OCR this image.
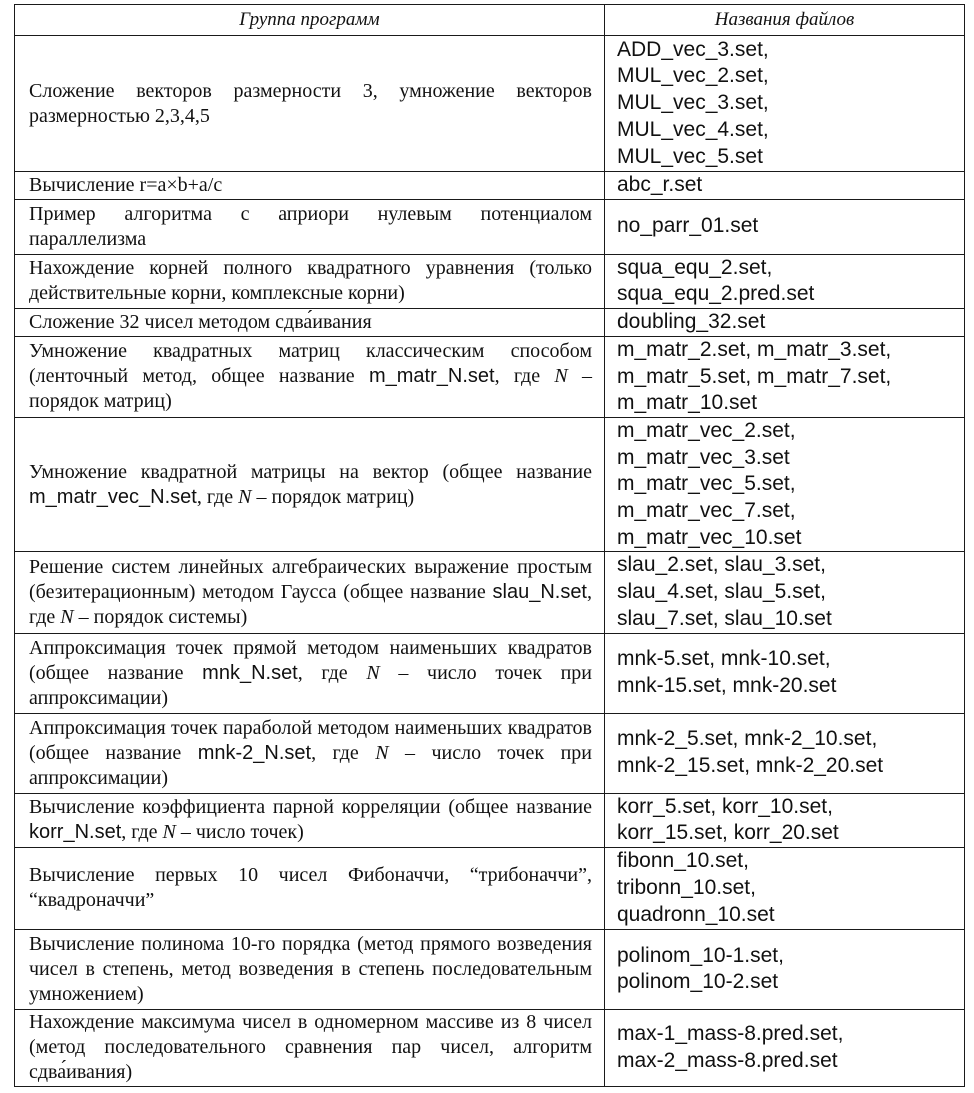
Группа программ	Названия файлов
Сложение векторов размерности 3, умножение векторов размерностью 2,3,4,5	ADD_vec_3.set,
MUL_vec_2.set,
MUL_vec_3.set,
MUL_vec_4.set,
MUL_vec_5.set

Вычисление r=a×b+a/c	abc_r.set

Пример алгоритма с априори нулевым потенциалом параллелизма	no_parr_01.set

Нахождение корней полного квадратного уравнения (только действительные корни, комплексные корни)	squa_equ_2.set,
squa_equ_2.pred.set

Сложение 32 чисел методом сдва́ивания	doubling_32.set

Умножение квадратных матриц классическим способом (ленточный метод, общее название m_matr_N.set, где N – порядок матриц)	m_matr_2.set, m_matr_3.set,
m_matr_5.set, m_matr_7.set,
m_matr_10.set

Умножение квадратной матрицы на вектор (общее название m_matr_vec_N.set, где N – порядок матриц)	m_matr_vec_2.set,
m_matr_vec_3.set
m_matr_vec_5.set,
m_matr_vec_7.set,
m_matr_vec_10.set

Решение систем линейных алгебраических выражение простым (безитерационным) методом Гаусса (общее название slau_N.set, где N – порядок системы)	slau_2.set, slau_3.set,
slau_4.set, slau_5.set,
slau_7.set, slau_10.set

Аппроксимация точек прямой методом наименьших квадратов (общее название mnk_N.set, где N – число точек при аппроксимации)	mnk-5.set, mnk-10.set,
mnk-15.set, mnk-20.set

Аппроксимация точек параболой методом наименьших квадратов (общее название mnk-2_N.set, где N – число точек при аппроксимации)	mnk-2_5.set, mnk-2_10.set,
mnk-2_15.set, mnk-2_20.set

Вычисление коэффициента парной корреляции (общее название korr_N.set, где N – число точек)	korr_5.set, korr_10.set,
korr_15.set, korr_20.set

Вычисление первых 10 чисел Фибоначчи, “трибоначчи”, “квадроначчи”	fibonn_10.set,
tribonn_10.set,
quadronn_10.set

Вычисление полинома 10-го порядка (метод прямого возведения чисел в степень, метод возведения в степень последовательным умножением)	polinom_10-1.set,
polinom_10-2.set

Нахождение максимума чисел в одномерном массиве из 8 чисел (метод последовательного сравнения пар чисел, алгоритм сдва́ивания)	max-1_mass-8.pred.set,
max-2_mass-8.pred.set
